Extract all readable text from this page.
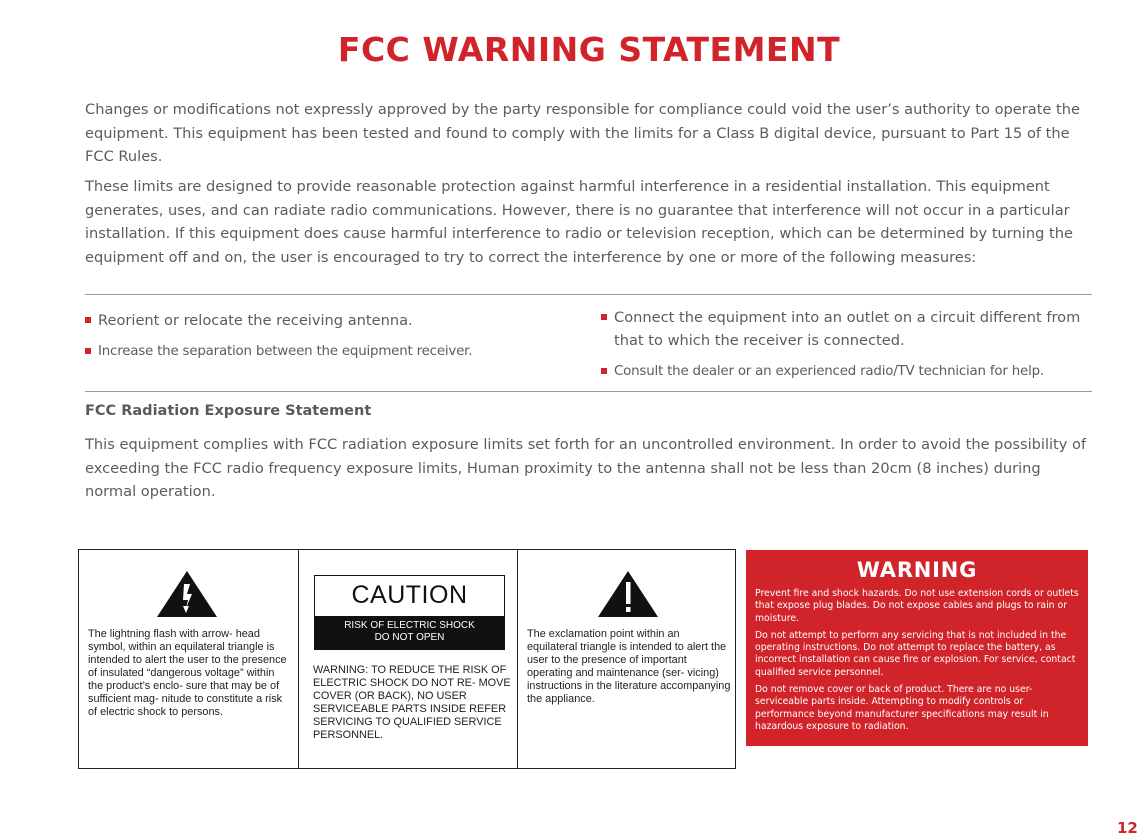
FCC WARNING STATEMENT

Changes or modifications not expressly approved by the party responsible for compliance could void the user’s authority to operate the equipment. This equipment has been tested and found to comply with the limits for a Class B digital device, pursuant to Part 15 of the FCC Rules.

These limits are designed to provide reasonable protection against harmful interference in a residential installation. This equipment generates, uses, and can radiate radio communications. However, there is no guarantee that interference will not occur in a particular installation. If this equipment does cause harmful interference to radio or television reception, which can be determined by turning the equipment off and on, the user is encouraged to try to correct the interference by one or more of the following measures:

Reorient or relocate the receiving antenna.
Increase the separation between the equipment receiver.
Connect the equipment into an outlet on a circuit different from that to which the receiver is connected.
Consult the dealer or an experienced radio/TV technician for help.
FCC Radiation Exposure Statement

This equipment complies with FCC radiation exposure limits set forth for an uncontrolled environment. In order to avoid the possibility of exceeding the FCC radio frequency exposure limits, Human proximity to the antenna shall not be less than 20cm (8 inches) during normal operation.

The lightning flash with arrow- head symbol, within an equilateral triangle is intended to alert the user to the presence of insulated “dangerous voltage” within the product’s enclo- sure that may be of sufficient mag- nitude to constitute a risk of electric shock to persons.
CAUTION
RISK OF ELECTRIC SHOCK
DO NOT OPEN
WARNING: TO REDUCE THE RISK OF ELECTRIC SHOCK DO NOT RE- MOVE COVER (OR BACK), NO USER SERVICEABLE PARTS INSIDE REFER SERVICING TO QUALIFIED SERVICE PERSONNEL.
The exclamation point within an equilateral triangle is intended to alert the user to the presence of important operating and maintenance (ser- vicing) instructions in the literature accompanying the appliance.
WARNING

Prevent fire and shock hazards. Do not use extension cords or outlets that expose plug blades. Do not expose cables and plugs to rain or moisture.

Do not attempt to perform any servicing that is not included in the operating instructions. Do not attempt to replace the battery, as incorrect installation can cause fire or explosion. For service, contact qualified service personnel.

Do not remove cover or back of product. There are no user-serviceable parts inside. Attempting to modify controls or performance beyond manufacturer specifications may result in hazardous exposure to radiation.

12
